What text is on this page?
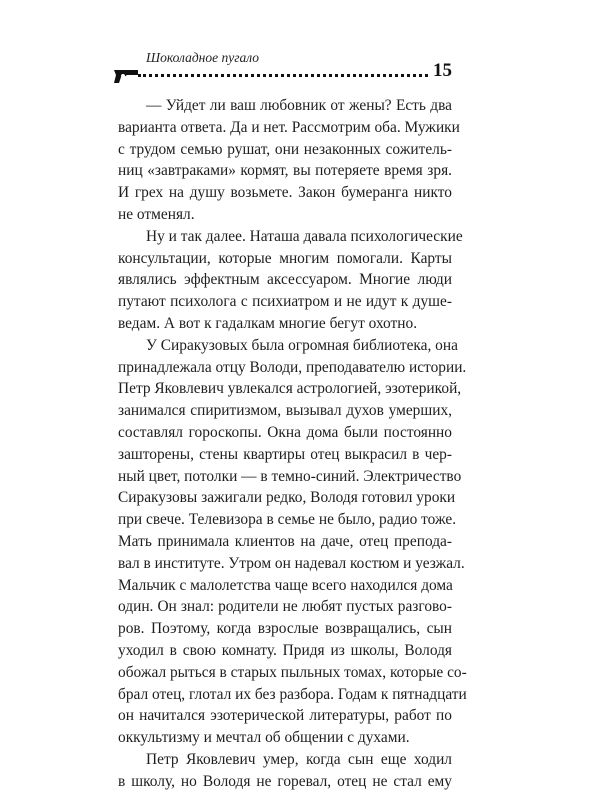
Шоколадное пугало
15
— Уйдет ли ваш любовник от жены? Есть два
варианта ответа. Да и нет. Рассмотрим оба. Мужики
с трудом семью рушат, они незаконных сожитель-
ниц «завтраками» кормят, вы потеряете время зря.
И грех на душу возьмете. Закон бумеранга никто
не отменял.
Ну и так далее. Наташа давала психологические
консультации, которые многим помогали. Карты
являлись эффектным аксессуаром. Многие люди
путают психолога с психиатром и не идут к душе-
ведам. А вот к гадалкам многие бегут охотно.
У Сиракузовых была огромная библиотека, она
принадлежала отцу Володи, преподавателю истории.
Петр Яковлевич увлекался астрологией, эзотерикой,
занимался спиритизмом, вызывал духов умерших,
составлял гороскопы. Окна дома были постоянно
зашторены, стены квартиры отец выкрасил в чер-
ный цвет, потолки — в темно-синий. Электричество
Сиракузовы зажигали редко, Володя готовил уроки
при свече. Телевизора в семье не было, радио тоже.
Мать принимала клиентов на даче, отец препода-
вал в институте. Утром он надевал костюм и уезжал.
Мальчик с малолетства чаще всего находился дома
один. Он знал: родители не любят пустых разгово-
ров. Поэтому, когда взрослые возвращались, сын
уходил в свою комнату. Придя из школы, Володя
обожал рыться в старых пыльных томах, которые со-
брал отец, глотал их без разбора. Годам к пятнадцати
он начитался эзотерической литературы, работ по
оккультизму и мечтал об общении с духами.
Петр Яковлевич умер, когда сын еще ходил
в школу, но Володя не горевал, отец не стал ему
